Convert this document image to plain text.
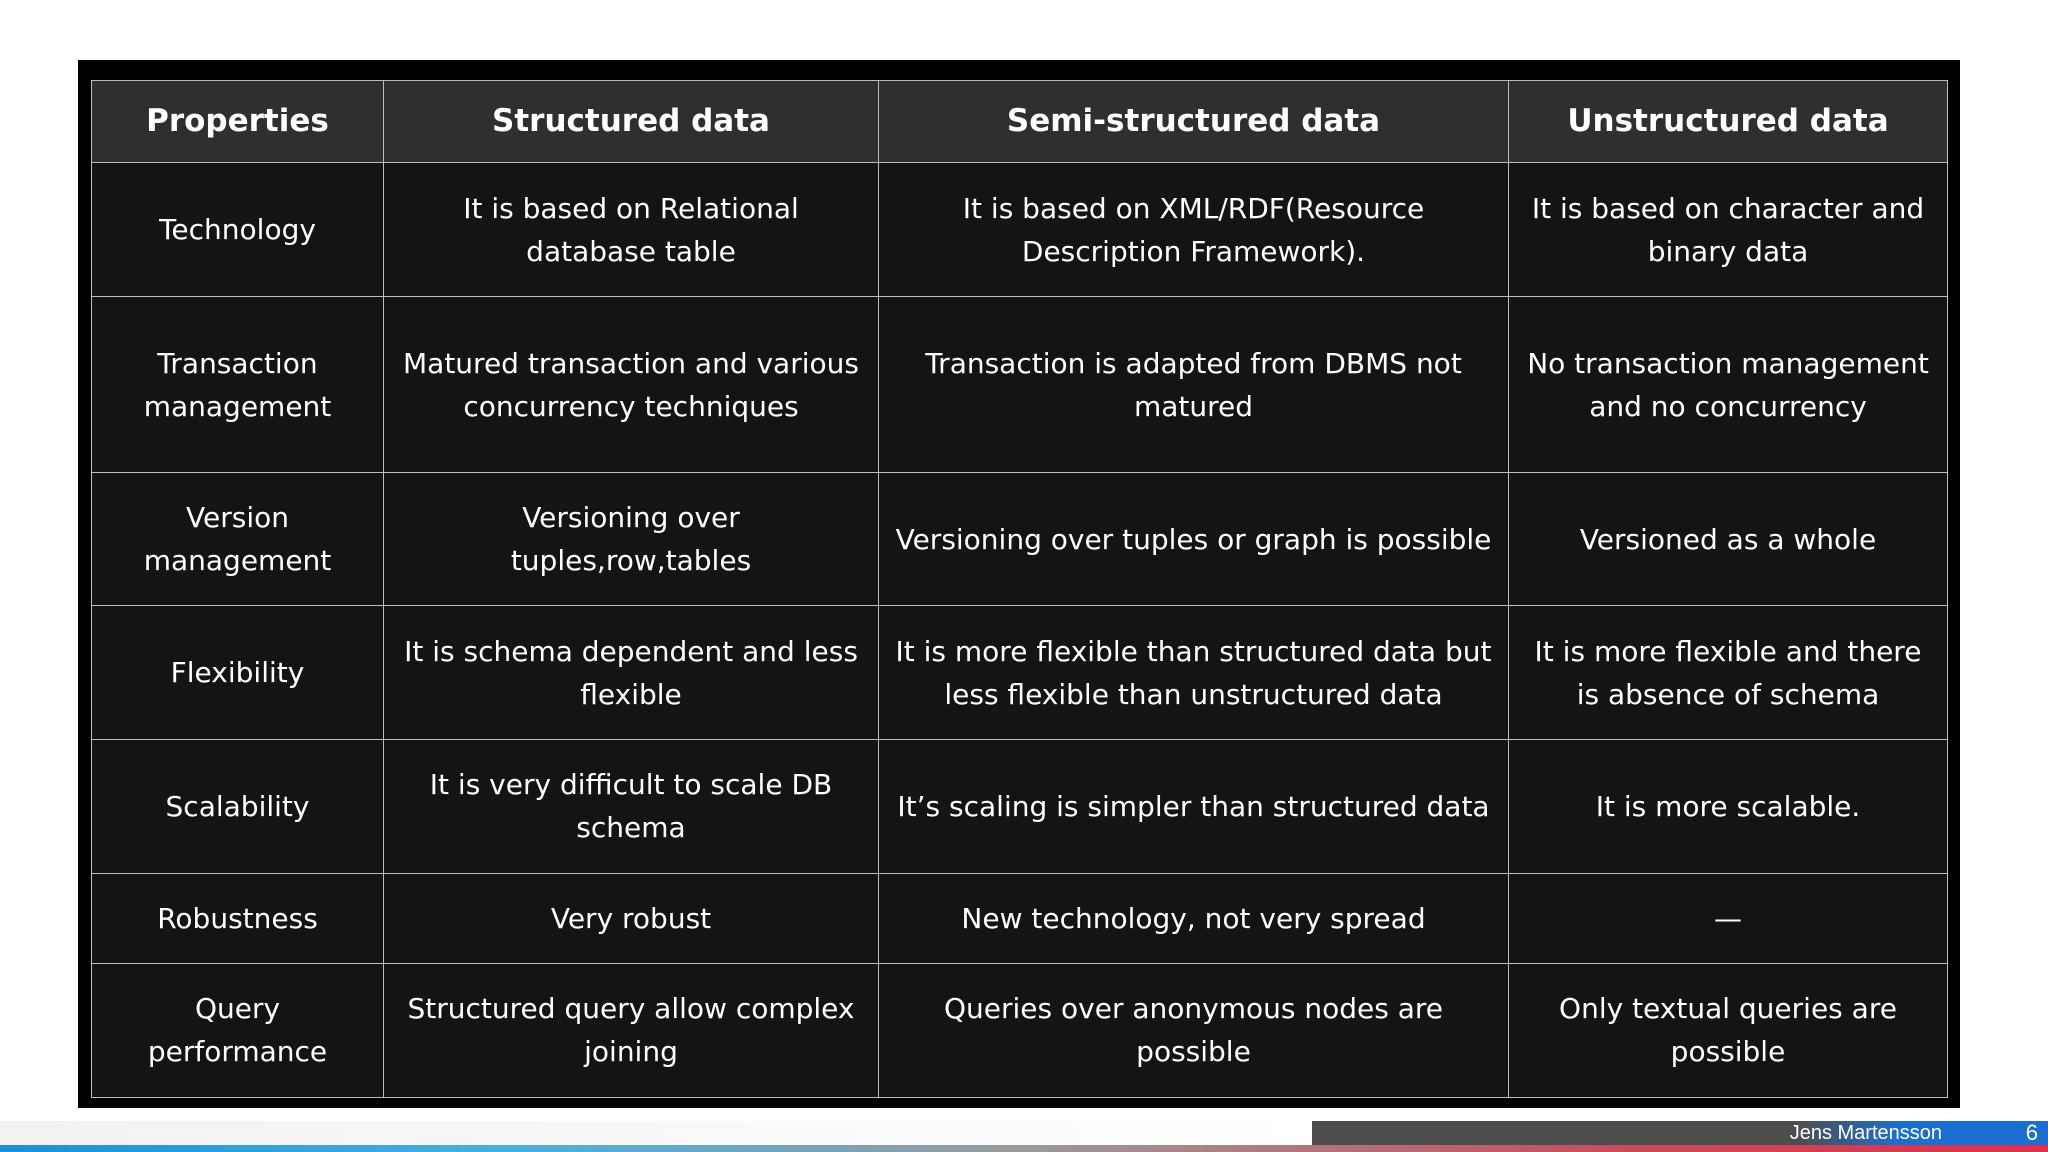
Properties	Structured data	Semi-structured data	Unstructured data
Technology	It is based on Relational database table	It is based on XML/RDF(Resource Description Framework).	It is based on character and binary data
Transaction management	Matured transaction and various concurrency techniques	Transaction is adapted from DBMS not matured	No transaction management and no concurrency
Version management	Versioning over tuples,row,tables	Versioning over tuples or graph is possible	Versioned as a whole
Flexibility	It is schema dependent and less flexible	It is more flexible than structured data but less flexible than unstructured data	It is more flexible and there is absence of schema
Scalability	It is very difficult to scale DB schema	It’s scaling is simpler than structured data	It is more scalable.
Robustness	Very robust	New technology, not very spread	—
Query performance	Structured query allow complex joining	Queries over anonymous nodes are possible	Only textual queries are possible
Jens Martensson	6
